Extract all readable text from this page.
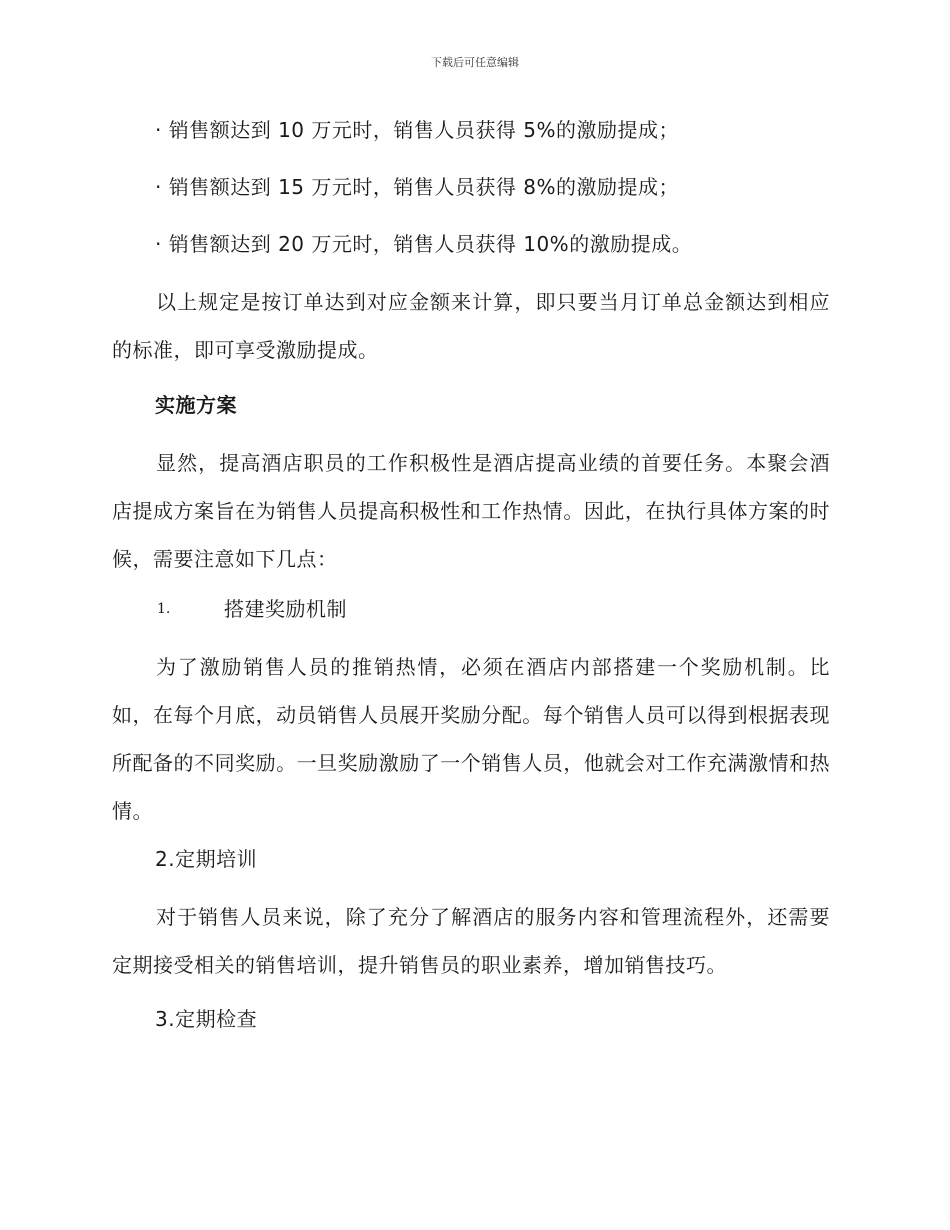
下载后可任意编辑
· 销售额达到 10 万元时，销售人员获得 5%的激励提成；
· 销售额达到 15 万元时，销售人员获得 8%的激励提成；
· 销售额达到 20 万元时，销售人员获得 10%的激励提成。
以上规定是按订单达到对应金额来计算，即只要当月订单总金额达到相应的标准，即可享受激励提成。
实施方案
显然，提高酒店职员的工作积极性是酒店提高业绩的首要任务。本聚会酒店提成方案旨在为销售人员提高积极性和工作热情。因此，在执行具体方案的时候，需要注意如下几点：
1.	搭建奖励机制
为了激励销售人员的推销热情，必须在酒店内部搭建一个奖励机制。比如，在每个月底，动员销售人员展开奖励分配。每个销售人员可以得到根据表现所配备的不同奖励。一旦奖励激励了一个销售人员，他就会对工作充满激情和热情。
2.定期培训
对于销售人员来说，除了充分了解酒店的服务内容和管理流程外，还需要定期接受相关的销售培训，提升销售员的职业素养，增加销售技巧。
3.定期检查
